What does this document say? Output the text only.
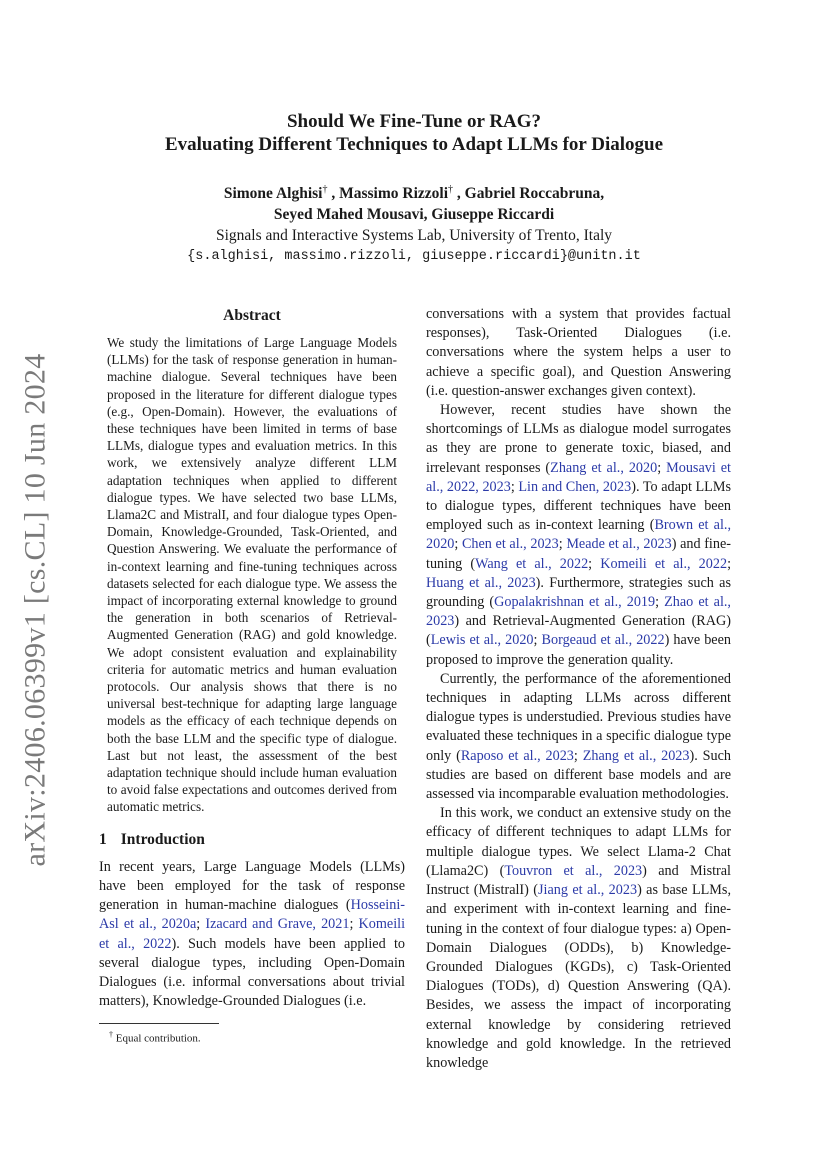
arXiv:2406.06399v1 [cs.CL] 10 Jun 2024
Should We Fine-Tune or RAG?
Evaluating Different Techniques to Adapt LLMs for Dialogue
Simone Alghisi† , Massimo Rizzoli† , Gabriel Roccabruna,
Seyed Mahed Mousavi, Giuseppe Riccardi
Signals and Interactive Systems Lab, University of Trento, Italy
{s.alghisi, massimo.rizzoli, giuseppe.riccardi}@unitn.it
Abstract

We study the limitations of Large Language Models (LLMs) for the task of response generation in human-machine dialogue. Several techniques have been proposed in the literature for different dialogue types (e.g., Open-Domain). However, the evaluations of these techniques have been limited in terms of base LLMs, dialogue types and evaluation metrics. In this work, we extensively analyze different LLM adaptation techniques when applied to different dialogue types. We have selected two base LLMs, Llama2C and MistralI, and four dialogue types Open-Domain, Knowledge-Grounded, Task-Oriented, and Question Answering. We evaluate the performance of in-context learning and fine-tuning techniques across datasets selected for each dialogue type. We assess the impact of incorporating external knowledge to ground the generation in both scenarios of Retrieval-Augmented Generation (RAG) and gold knowledge. We adopt consistent evaluation and explainability criteria for automatic metrics and human evaluation protocols. Our analysis shows that there is no universal best-technique for adapting large language models as the efficacy of each technique depends on both the base LLM and the specific type of dialogue. Last but not least, the assessment of the best adaptation technique should include human evaluation to avoid false expectations and outcomes derived from automatic metrics.

1 Introduction

In recent years, Large Language Models (LLMs) have been employed for the task of response generation in human-machine dialogues (Hosseini-Asl et al., 2020a; Izacard and Grave, 2021; Komeili et al., 2022). Such models have been applied to several dialogue types, including Open-Domain Dialogues (i.e. informal conversations about trivial matters), Knowledge-Grounded Dialogues (i.e.

† Equal contribution.

conversations with a system that provides factual responses), Task-Oriented Dialogues (i.e. conversations where the system helps a user to achieve a specific goal), and Question Answering (i.e. question-answer exchanges given context).

However, recent studies have shown the shortcomings of LLMs as dialogue model surrogates as they are prone to generate toxic, biased, and irrelevant responses (Zhang et al., 2020; Mousavi et al., 2022, 2023; Lin and Chen, 2023). To adapt LLMs to dialogue types, different techniques have been employed such as in-context learning (Brown et al., 2020; Chen et al., 2023; Meade et al., 2023) and fine-tuning (Wang et al., 2022; Komeili et al., 2022; Huang et al., 2023). Furthermore, strategies such as grounding (Gopalakrishnan et al., 2019; Zhao et al., 2023) and Retrieval-Augmented Generation (RAG) (Lewis et al., 2020; Borgeaud et al., 2022) have been proposed to improve the generation quality.

Currently, the performance of the aforementioned techniques in adapting LLMs across different dialogue types is understudied. Previous studies have evaluated these techniques in a specific dialogue type only (Raposo et al., 2023; Zhang et al., 2023). Such studies are based on different base models and are assessed via incomparable evaluation methodologies.

In this work, we conduct an extensive study on the efficacy of different techniques to adapt LLMs for multiple dialogue types. We select Llama-2 Chat (Llama2C) (Touvron et al., 2023) and Mistral Instruct (MistralI) (Jiang et al., 2023) as base LLMs, and experiment with in-context learning and fine-tuning in the context of four dialogue types: a) Open-Domain Dialogues (ODDs), b) Knowledge-Grounded Dialogues (KGDs), c) Task-Oriented Dialogues (TODs), d) Question Answering (QA). Besides, we assess the impact of incorporating external knowledge by considering retrieved knowledge and gold knowledge. In the retrieved knowledge
